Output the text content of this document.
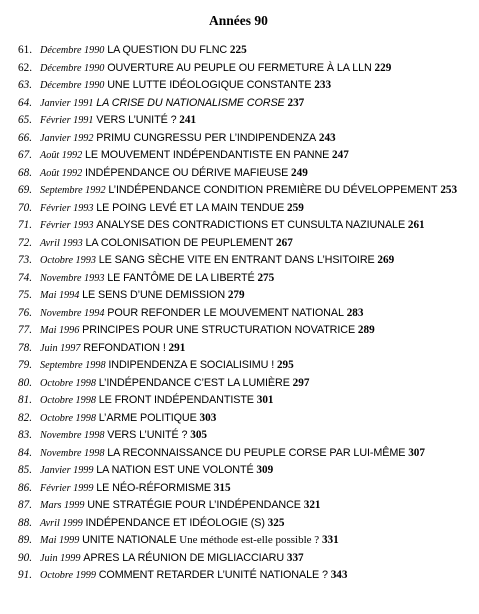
Années 90
61. Décembre 1990 LA QUESTION DU FLNC 225
62. Décembre 1990 OUVERTURE AU PEUPLE OU FERMETURE À LA LLN 229
63. Décembre 1990 UNE LUTTE IDÉOLOGIQUE CONSTANTE 233
64. Janvier 1991 LA CRISE DU NATIONALISME CORSE 237
65. Février 1991 VERS L’UNITÉ ? 241
66. Janvier 1992 PRIMU CUNGRESSU PER L’INDIPENDENZA 243
67. Août 1992 LE MOUVEMENT INDÉPENDANTISTE EN PANNE 247
68. Août 1992 INDÉPENDANCE OU DÉRIVE MAFIEUSE 249
69. Septembre 1992 L’INDÉPENDANCE CONDITION PREMIÈRE DU DÉVELOPPEMENT 253
70. Février 1993 LE POING LEVÉ ET LA MAIN TENDUE 259
71. Février 1993 ANALYSE DES CONTRADICTIONS ET CUNSULTA NAZIUNALE 261
72. Avril 1993 LA COLONISATION DE PEUPLEMENT 267
73. Octobre 1993 LE SANG SÈCHE VITE EN ENTRANT DANS L’HSITOIRE 269
74. Novembre 1993 LE FANTÔME DE LA LIBERTÉ 275
75. Mai 1994 LE SENS D’UNE DEMISSION 279
76. Novembre 1994 POUR REFONDER LE MOUVEMENT NATIONAL 283
77. Mai 1996 PRINCIPES POUR UNE STRUCTURATION NOVATRICE 289
78. Juin 1997 REFONDATION ! 291
79. Septembre 1998 INDIPENDENZA E SOCIALISIMU ! 295
80. Octobre 1998 L’INDÉPENDANCE C’EST LA LUMIÈRE 297
81. Octobre 1998 LE FRONT INDÉPENDANTISTE 301
82. Octobre 1998 L’ARME POLITIQUE 303
83. Novembre 1998 VERS L’UNITÉ ? 305
84. Novembre 1998 LA RECONNAISSANCE DU PEUPLE CORSE PAR LUI-MÊME 307
85. Janvier 1999 LA NATION EST UNE VOLONTÉ 309
86. Février 1999 LE NÉO-RÉFORMISME 315
87. Mars 1999 UNE STRATÉGIE POUR L’INDÉPENDANCE 321
88. Avril 1999 INDÉPENDANCE ET IDÉOLOGIE (S) 325
89. Mai 1999 UNITE NATIONALE Une méthode est-elle possible ? 331
90. Juin 1999 APRES LA RÉUNION DE MIGLIACCIARU 337
91. Octobre 1999 COMMENT RETARDER L’UNITÉ NATIONALE ? 343
